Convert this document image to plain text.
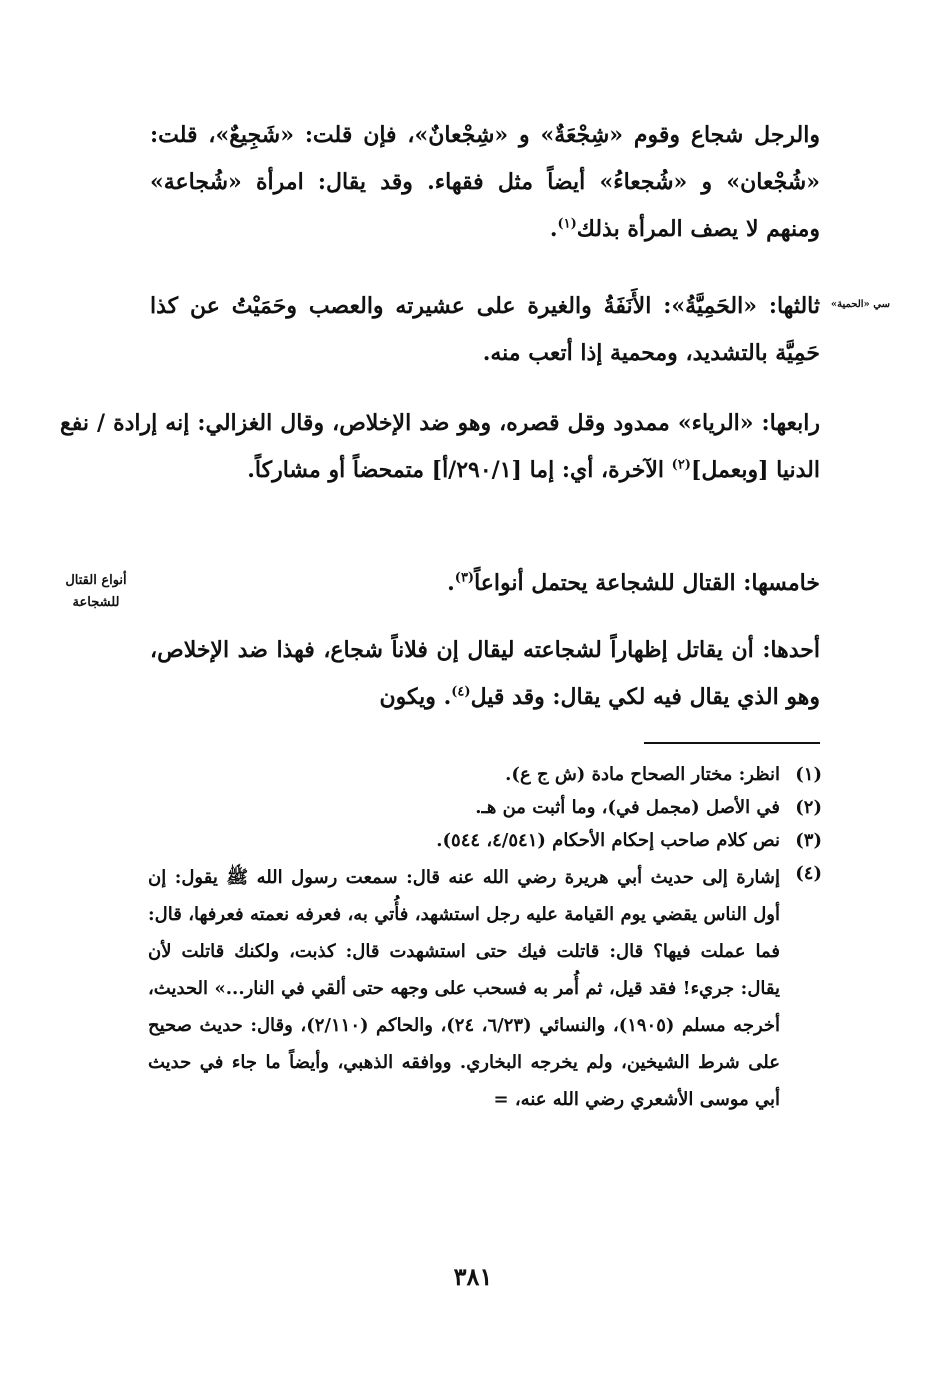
والرجل شجاع وقوم «شِجْعَةٌ» و «شِجْعانٌ»، فإن قلت: «شَجِيعٌ»، قلت: «شُجْعان» و «شُجعاءُ» أيضاً مثل فقهاء. وقد يقال: امرأة «شُجاعة» ومنهم لا يصف المرأة بذلك$^{(١)}$.

ثالثها: «الحَمِيَّةُ»: الأَنَفَةُ والغيرة على عشيرته والعصب وحَمَيْتُ عن كذا حَمِيَّة بالتشديد، ومحمية إذا أتعب منه.

سي «الحمية»

رابعها: «الرياء» ممدود وقل قصره، وهو ضد الإخلاص، وقال الغزالي: إنه إرادة / نفع الدنيا [وبعمل]$^{(٢)}$ الآخرة، أي: إما [٢٩٠/١/أ] متمحضاً أو مشاركاً.

خامسها: القتال للشجاعة يحتمل أنواعاً$^{(٣)}$.

أنواع القتال
للشجاعة

أحدها: أن يقاتل إظهاراً لشجاعته ليقال إن فلاناً شجاع، فهذا ضد الإخلاص، وهو الذي يقال فيه لكي يقال: وقد قيل$^{(٤)}$. ويكون

(١)
انظر: مختار الصحاح مادة (ش ج ع).
(٢)
في الأصل (مجمل في)، وما أثبت من هـ.
(٣)
نص كلام صاحب إحكام الأحكام (٤/٥٤١، ٥٤٤).
(٤)
إشارة إلى حديث أبي هريرة رضي الله عنه قال: سمعت رسول الله ﷺ يقول: إن أول الناس يقضي يوم القيامة عليه رجل استشهد، فأُتي به، فعرفه نعمته فعرفها، قال: فما عملت فيها؟ قال: قاتلت فيك حتى استشهدت قال: كذبت، ولكنك قاتلت لأن يقال: جريء! فقد قيل، ثم أُمر به فسحب على وجهه حتى ألقي في النار...» الحديث، أخرجه مسلم (١٩٠٥)، والنسائي (٦/٢٣، ٢٤)، والحاكم (٢/١١٠)، وقال: حديث صحيح على شرط الشيخين، ولم يخرجه البخاري. ووافقه الذهبي، وأيضاً ما جاء في حديث أبي موسى الأشعري رضي الله عنه، =
٣٨١
